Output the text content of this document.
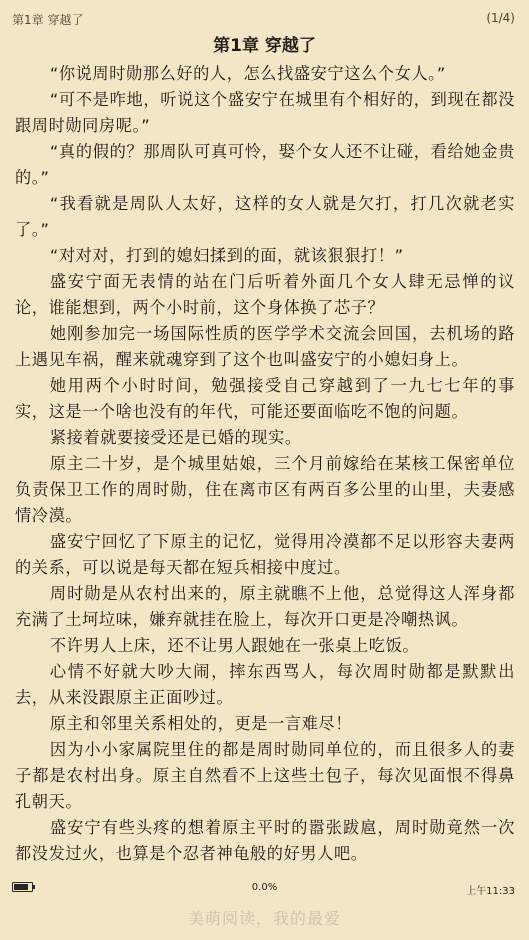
第1章 穿越了	(1/4)
第1章 穿越了

“你说周时勋那么好的人，怎么找盛安宁这么个女人。”

“可不是咋地，听说这个盛安宁在城里有个相好的，到现在都没跟周时勋同房呢。”

“真的假的？那周队可真可怜，娶个女人还不让碰，看给她金贵的。”

“我看就是周队人太好，这样的女人就是欠打，打几次就老实了。”

“对对对，打到的媳妇揉到的面，就该狠狠打！”

盛安宁面无表情的站在门后听着外面几个女人肆无忌惮的议论，谁能想到，两个小时前，这个身体换了芯子？

她刚参加完一场国际性质的医学学术交流会回国，去机场的路上遇见车祸，醒来就魂穿到了这个也叫盛安宁的小媳妇身上。

她用两个小时时间，勉强接受自己穿越到了一九七七年的事实，这是一个啥也没有的年代，可能还要面临吃不饱的问题。

紧接着就要接受还是已婚的现实。

原主二十岁，是个城里姑娘，三个月前嫁给在某核工保密单位负责保卫工作的周时勋，住在离市区有两百多公里的山里，夫妻感情冷漠。

盛安宁回忆了下原主的记忆，觉得用冷漠都不足以形容夫妻两的关系，可以说是每天都在短兵相接中度过。

周时勋是从农村出来的，原主就瞧不上他，总觉得这人浑身都充满了土坷垃味，嫌弃就挂在脸上，每次开口更是冷嘲热讽。

不许男人上床，还不让男人跟她在一张桌上吃饭。

心情不好就大吵大闹，摔东西骂人，每次周时勋都是默默出去，从来没跟原主正面吵过。

原主和邻里关系相处的，更是一言难尽！

因为小小家属院里住的都是周时勋同单位的，而且很多人的妻子都是农村出身。原主自然看不上这些土包子，每次见面恨不得鼻孔朝天。

盛安宁有些头疼的想着原主平时的嚣张跋扈，周时勋竟然一次都没发过火，也算是个忍者神龟般的好男人吧。

0.0%	上午11:33
美萌阅读，我的最爱
